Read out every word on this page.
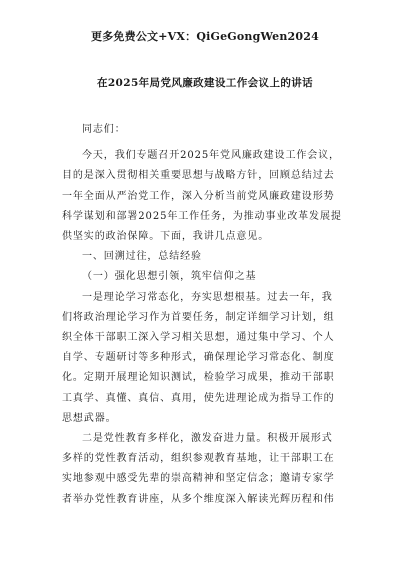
更多免费公文+VX：QiGeGongWen2024
在2025年局党风廉政建设工作会议上的讲话
同志们：
今天，我们专题召开2025年党风廉政建设工作会议，
目的是深入贯彻相关重要思想与战略方针，回顾总结过去
一年全面从严治党工作，深入分析当前党风廉政建设形势
科学谋划和部署2025年工作任务，为推动事业改革发展提
供坚实的政治保障。下面，我讲几点意见。
一、回溯过往，总结经验
（一）强化思想引领，筑牢信仰之基
一是理论学习常态化，夯实思想根基。过去一年，我
们将政治理论学习作为首要任务，制定详细学习计划，组
织全体干部职工深入学习相关思想，通过集中学习、个人
自学、专题研讨等多种形式，确保理论学习常态化、制度
化。定期开展理论知识测试，检验学习成果，推动干部职
工真学、真懂、真信、真用，使先进理论成为指导工作的
思想武器。
二是党性教育多样化，激发奋进力量。积极开展形式
多样的党性教育活动，组织参观教育基地，让干部职工在
实地参观中感受先辈的崇高精神和坚定信念；邀请专家学
者举办党性教育讲座，从多个维度深入解读光辉历程和伟
